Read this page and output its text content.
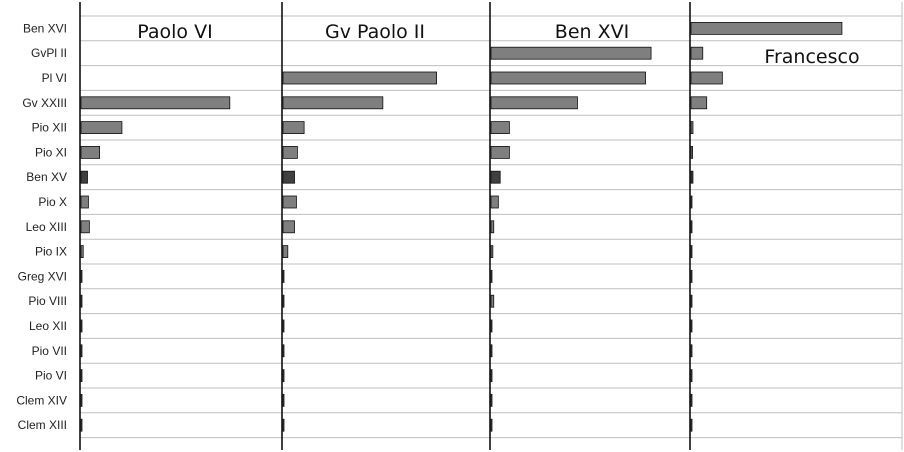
Ben XVI
GvPl II
Pl VI
Gv XXIII
Pio XII
Pio XI
Ben XV
Pio X
Leo XIII
Pio IX
Greg XVI
Pio VIII
Leo XII
Pio VII
Pio VI
Clem XIV
Clem XIII
Paolo VI	Gv Paolo II	Ben XVI
Francesco
